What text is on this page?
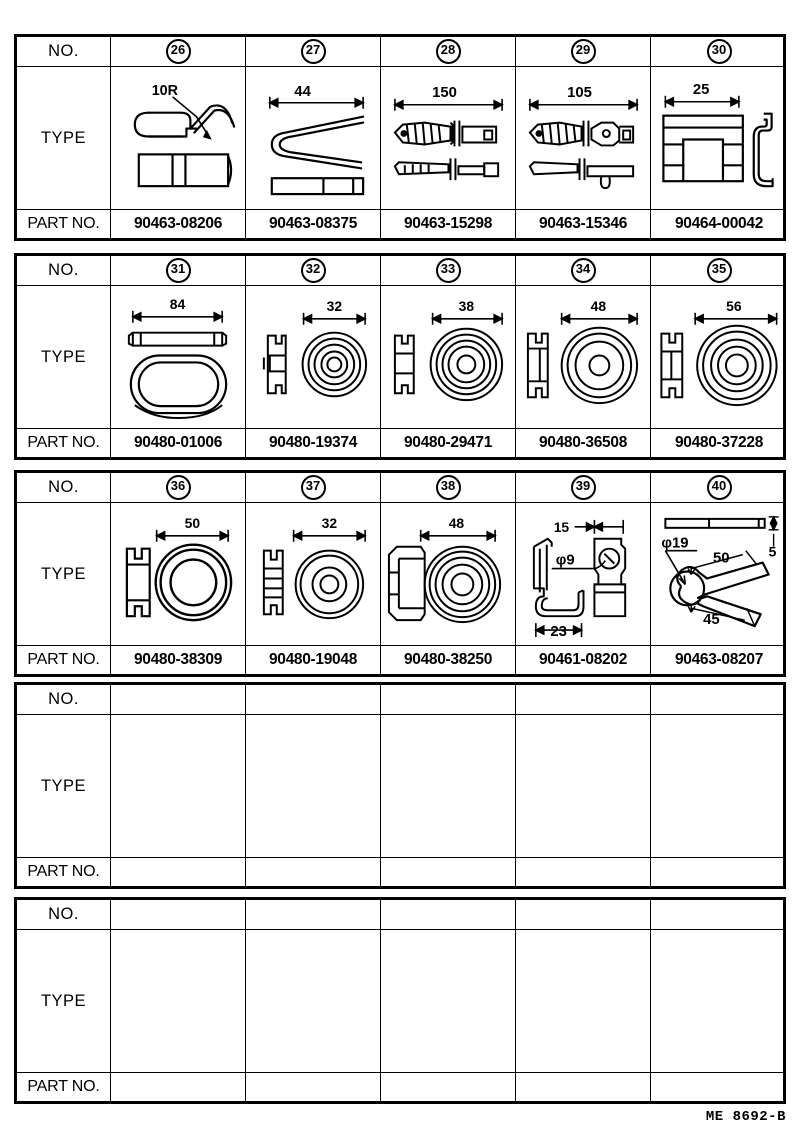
NO.	26	27	28	29	30
TYPE
10R	44	150	105	25
PART NO. 90463-08206	90463-08375	90463-15298	90463-15346	90464-00042
NO.	31	32	33	34	35
TYPE
84	32	38	48	56
PART NO. 90480-01006	90480-19374	90480-29471	90480-36508	90480-37228
NO.	36	37	38	39	40
TYPE
50	32	48	15
φ9
23
5
φ19
50
45
PART NO. 90480-38309	90480-19048	90480-38250	90461-08202	90463-08207
NO.
TYPE
PART NO.
NO.
TYPE
PART NO.
ME 8692-B
